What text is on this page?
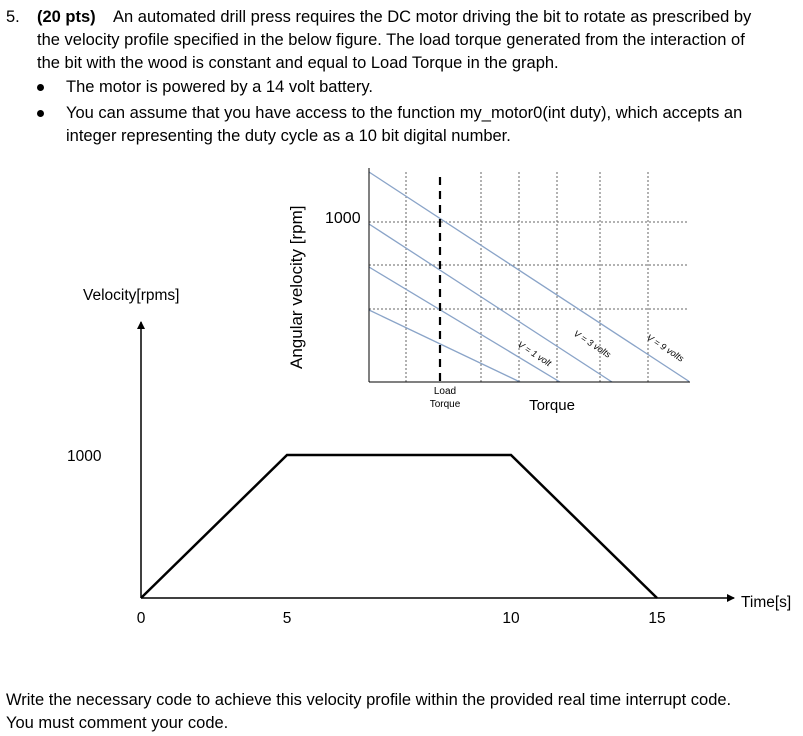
5. (20 pts) An automated drill press requires the DC motor driving the bit to rotate as prescribed by
the velocity profile specified in the below figure. The load torque generated from the interaction of
the bit with the wood is constant and equal to Load Torque in the graph.
The motor is powered by a 14 volt battery.
You can assume that you have access to the function my_motor0(int duty), which accepts an
integer representing the duty cycle as a 10 bit digital number.
Angular velocity [rpm] 1000
Load
Torque	Torque
V = 1 volt V = 3 volts	V = 9 volts
Velocity[rpms]
1000
Time[s]
0	5	10	15
Write the necessary code to achieve this velocity profile within the provided real time interrupt code.
You must comment your code.
